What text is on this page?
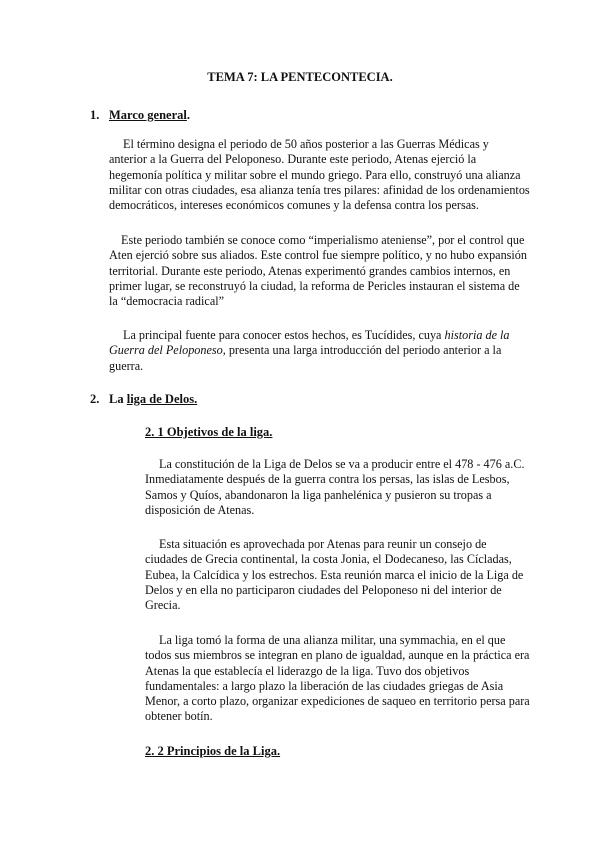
TEMA 7: LA PENTECONTECIA.
1. Marco general.
El término designa el periodo de 50 años posterior a las Guerras Médicas y
anterior a la Guerra del Peloponeso. Durante este periodo, Atenas ejerció la
hegemonía política y militar sobre el mundo griego. Para ello, construyó una alianza
militar con otras ciudades, esa alianza tenía tres pilares: afinidad de los ordenamientos
democráticos, intereses económicos comunes y la defensa contra los persas.
Este periodo también se conoce como “imperialismo ateniense”, por el control que
Aten ejerció sobre sus aliados. Este control fue siempre político, y no hubo expansión
territorial. Durante este periodo, Atenas experimentó grandes cambios internos, en
primer lugar, se reconstruyó la ciudad, la reforma de Pericles instauran el sistema de
la “democracia radical”
La principal fuente para conocer estos hechos, es Tucídides, cuya historia de la
Guerra del Peloponeso, presenta una larga introducción del periodo anterior a la
guerra.
2. La liga de Delos.
2. 1 Objetivos de la liga.
La constitución de la Liga de Delos se va a producir entre el 478 - 476 a.C.
Inmediatamente después de la guerra contra los persas, las islas de Lesbos,
Samos y Quíos, abandonaron la liga panhelénica y pusieron su tropas a
disposición de Atenas.
Esta situación es aprovechada por Atenas para reunir un consejo de
ciudades de Grecia continental, la costa Jonia, el Dodecaneso, las Cícladas,
Eubea, la Calcídica y los estrechos. Esta reunión marca el inicio de la Liga de
Delos y en ella no participaron ciudades del Peloponeso ni del interior de
Grecia.
La liga tomó la forma de una alianza militar, una symmachia, en el que
todos sus miembros se integran en plano de igualdad, aunque en la práctica era
Atenas la que establecía el liderazgo de la liga. Tuvo dos objetivos
fundamentales: a largo plazo la liberación de las ciudades griegas de Asia
Menor, a corto plazo, organizar expediciones de saqueo en territorio persa para
obtener botín.
2. 2 Principios de la Liga.
